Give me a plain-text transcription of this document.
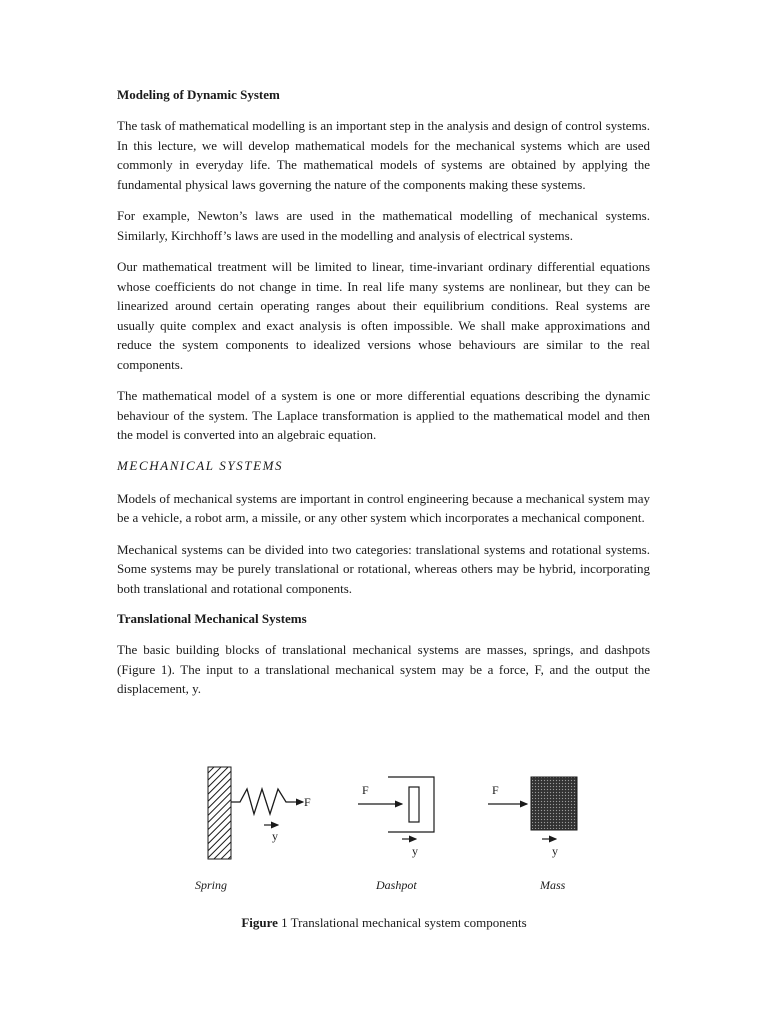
Modeling of Dynamic System

The task of mathematical modelling is an important step in the analysis and design of control systems. In this lecture, we will develop mathematical models for the mechanical systems which are used commonly in everyday life. The mathematical models of systems are obtained by applying the fundamental physical laws governing the nature of the components making these systems.

For example, Newton’s laws are used in the mathematical modelling of mechanical systems. Similarly, Kirchhoff’s laws are used in the modelling and analysis of electrical systems.

Our mathematical treatment will be limited to linear, time-invariant ordinary differential equations whose coefficients do not change in time. In real life many systems are nonlinear, but they can be linearized around certain operating ranges about their equilibrium conditions. Real systems are usually quite complex and exact analysis is often impossible. We shall make approximations and reduce the system components to idealized versions whose behaviours are similar to the real components.

The mathematical model of a system is one or more differential equations describing the dynamic behaviour of the system. The Laplace transformation is applied to the mathematical model and then the model is converted into an algebraic equation.

MECHANICAL SYSTEMS

Models of mechanical systems are important in control engineering because a mechanical system may be a vehicle, a robot arm, a missile, or any other system which incorporates a mechanical component.

Mechanical systems can be divided into two categories: translational systems and rotational systems. Some systems may be purely translational or rotational, whereas others may be hybrid, incorporating both translational and rotational components.

Translational Mechanical Systems

The basic building blocks of translational mechanical systems are masses, springs, and dashpots (Figure 1). The input to a translational mechanical system may be a force, F, and the output the displacement, y.

F
y
F
y
F
y
Spring	Dashpot	Mass
Figure 1 Translational mechanical system components
